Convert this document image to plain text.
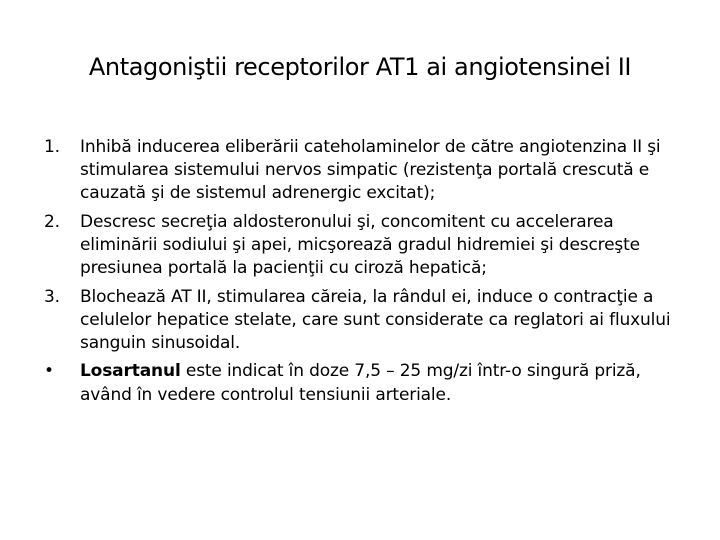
Antagoniştii receptorilor AT1 ai angiotensinei II
1.	Inhibă inducerea eliberării cateholaminelor de către angiotenzina II şi stimularea sistemului nervos simpatic (rezistenţa portală crescută e cauzată şi de sistemul adrenergic excitat);
2.	Descresc secreţia aldosteronului şi, concomitent cu accelerarea eliminării sodiului şi apei, micşorează gradul hidremiei şi descreşte presiunea portală la pacienţii cu ciroză hepatică;
3.	Blochează AT II, stimularea căreia, la rândul ei, induce o contracţie a celulelor hepatice stelate, care sunt considerate ca reglatori ai fluxului sanguin sinusoidal.
•	Losartanul este indicat în doze 7,5 – 25 mg/zi într-o singură priză, având în vedere controlul tensiunii arteriale.
